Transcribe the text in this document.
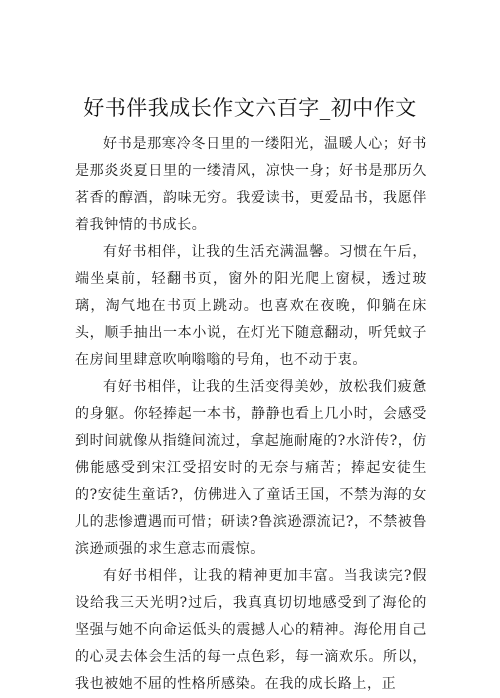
好书伴我成长作文六百字_初中作文

好书是那寒冷冬日里的一缕阳光，温暖人心；好书是那炎炎夏日里的一缕清风，凉快一身；好书是那历久茗香的醇酒，韵味无穷。我爱读书，更爱品书，我愿伴着我钟情的书成长。

有好书相伴，让我的生活充满温馨。习惯在午后，端坐桌前，轻翻书页，窗外的阳光爬上窗棂，透过玻璃，淘气地在书页上跳动。也喜欢在夜晚，仰躺在床头，顺手抽出一本小说，在灯光下随意翻动，听凭蚊子在房间里肆意吹响嗡嗡的号角，也不动于衷。

有好书相伴，让我的生活变得美妙，放松我们疲惫的身躯。你轻捧起一本书，静静也看上几小时，会感受到时间就像从指缝间流过，拿起施耐庵的?水浒传?，仿佛能感受到宋江受招安时的无奈与痛苦；捧起安徒生的?安徒生童话?，仿佛进入了童话王国，不禁为海的女儿的悲惨遭遇而可惜；研读?鲁滨逊漂流记?，不禁被鲁滨逊顽强的求生意志而震惊。

有好书相伴，让我的精神更加丰富。当我读完?假设给我三天光明?过后，我真真切切地感受到了海伦的坚强与她不向命运低头的震撼人心的精神。海伦用自己的心灵去体会生活的每一点色彩，每一滴欢乐。所以，我也被她不屈的性格所感染。在我的成长路上，正
